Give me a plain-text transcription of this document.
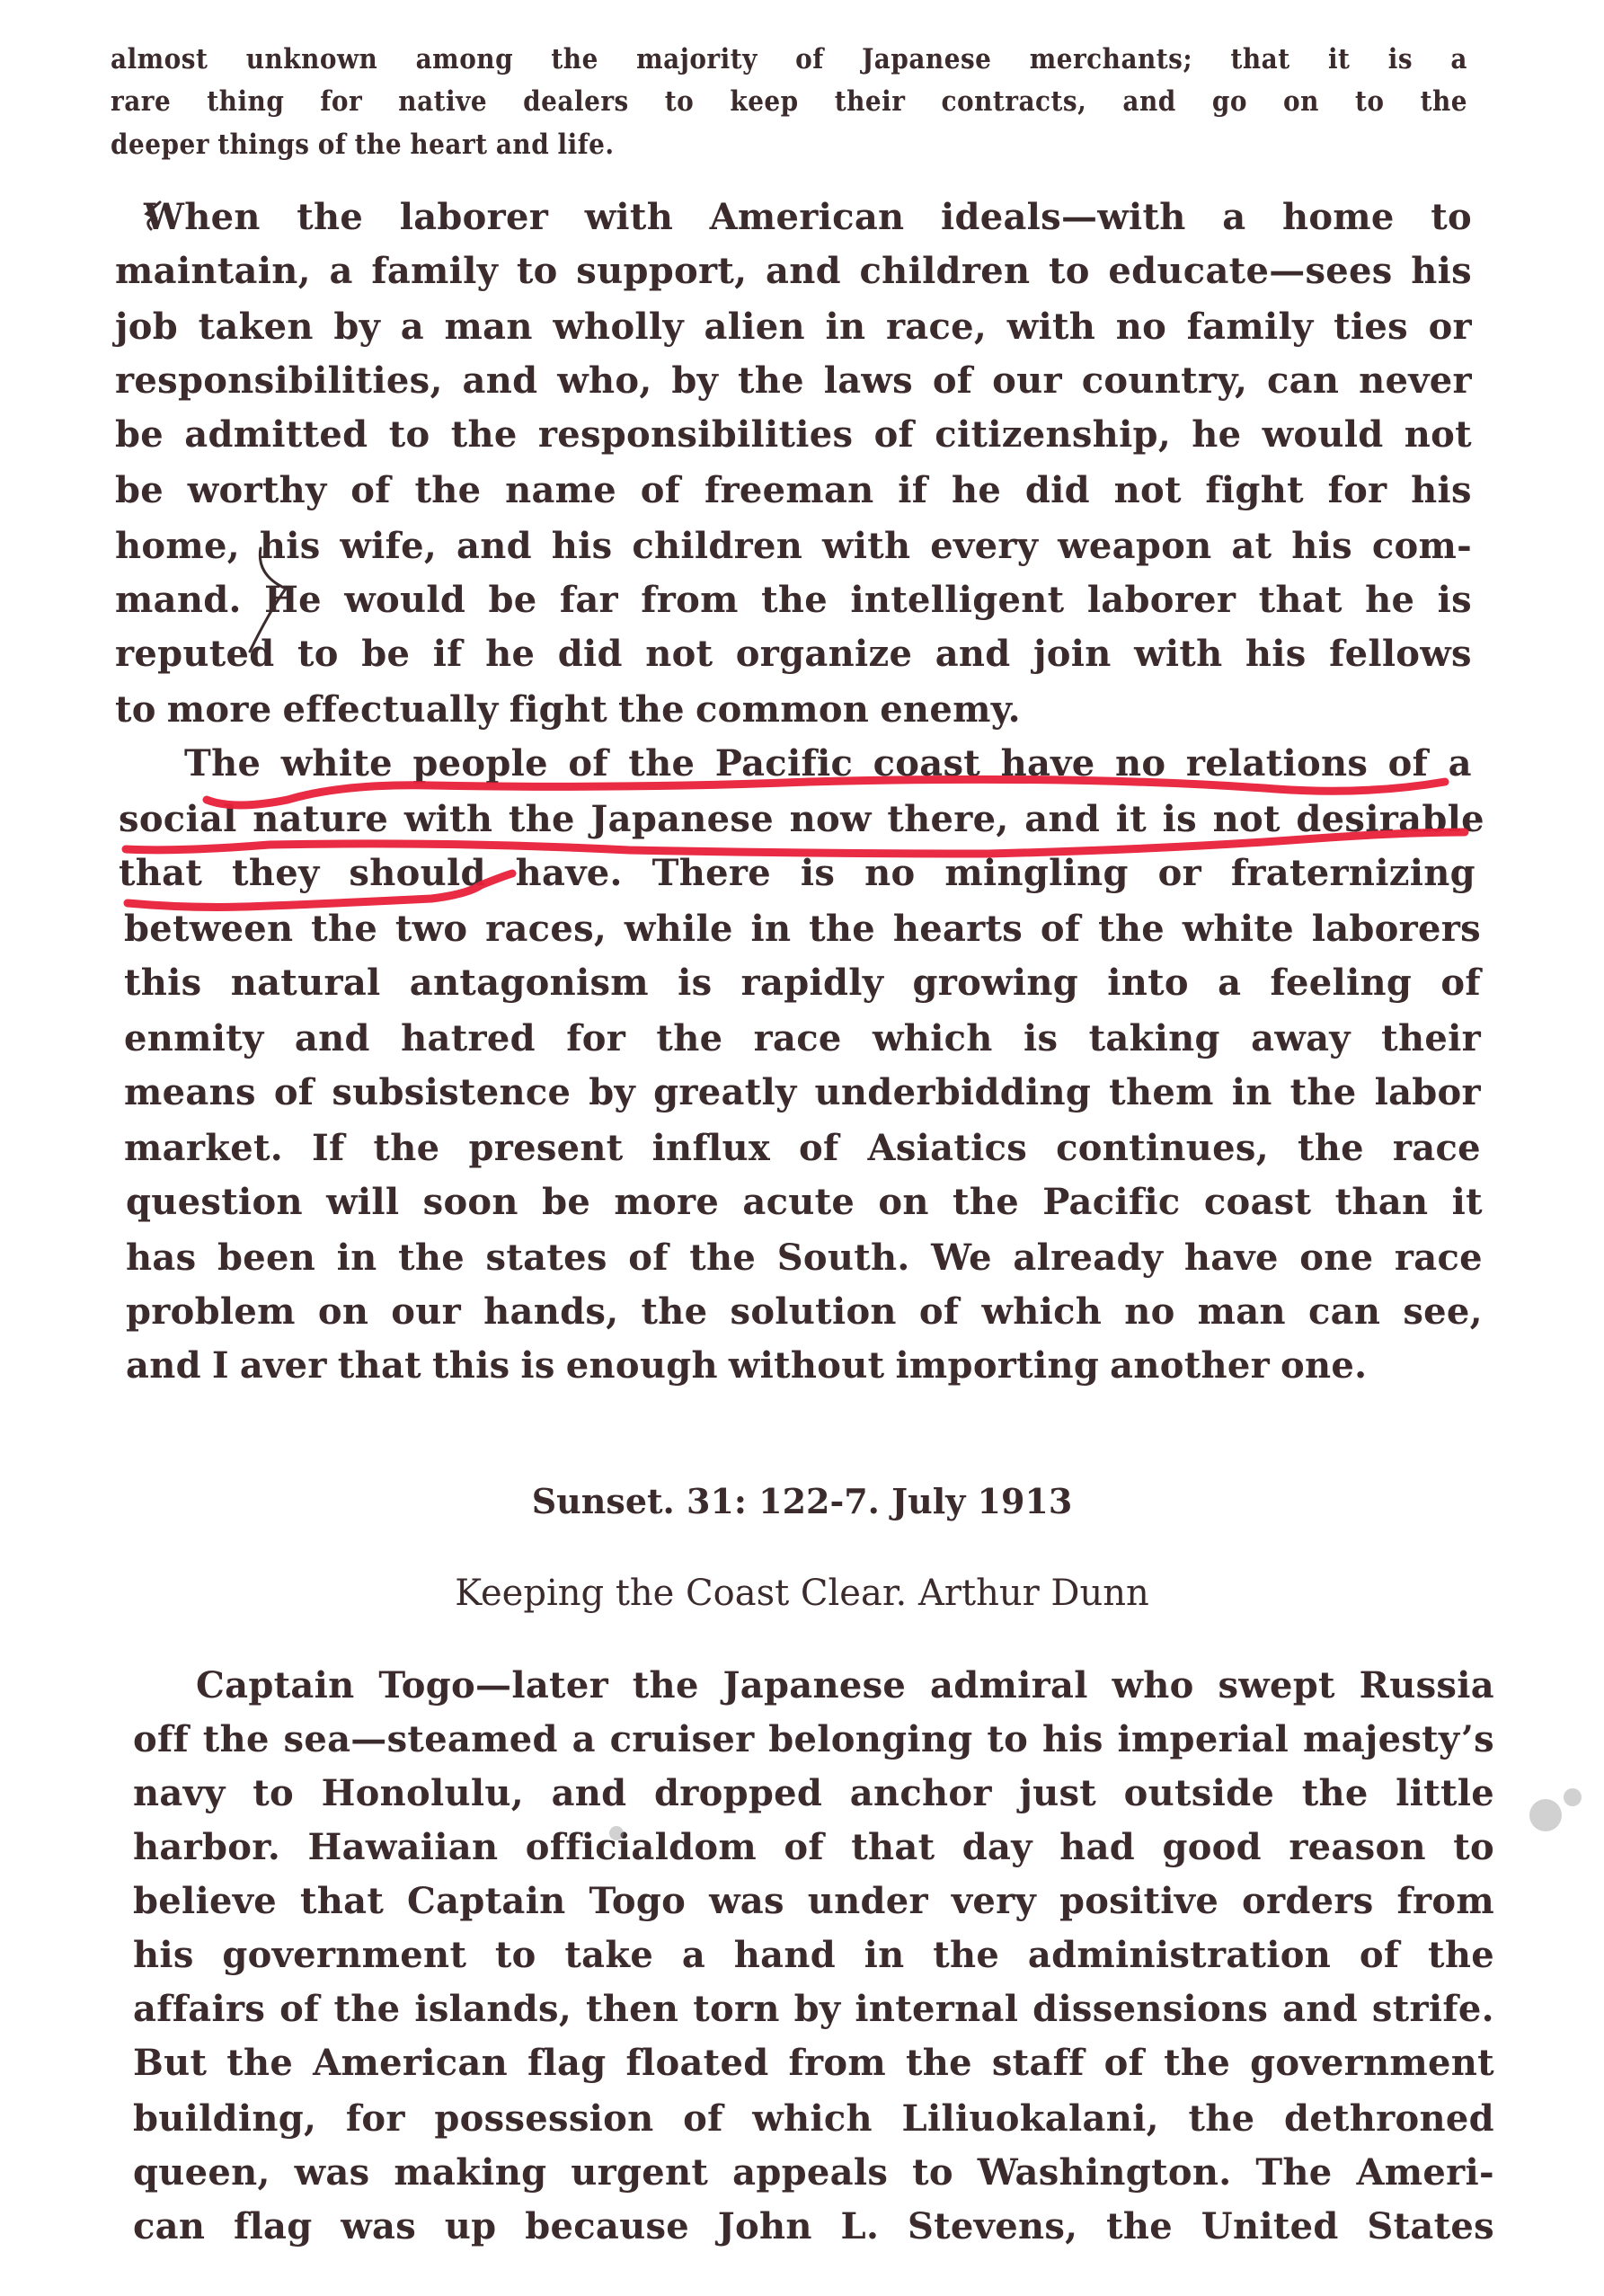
almost unknown among the majority of Japanese merchants; that it is a
rare thing for native dealers to keep their contracts, and go on to the
deeper things of the heart and life.
When the laborer with American ideals—with a home to
maintain, a family to support, and children to educate—sees his
job taken by a man wholly alien in race, with no family ties or
responsibilities, and who, by the laws of our country, can never
be admitted to the responsibilities of citizenship, he would not
be worthy of the name of freeman if he did not fight for his
home, his wife, and his children with every weapon at his com-
mand. He would be far from the intelligent laborer that he is
reputed to be if he did not organize and join with his fellows
to more effectually fight the common enemy.
The white people of the Pacific coast have no relations of a
social nature with the Japanese now there, and it is not desirable
that they should have. There is no mingling or fraternizing
between the two races, while in the hearts of the white laborers
this natural antagonism is rapidly growing into a feeling of
enmity and hatred for the race which is taking away their
means of subsistence by greatly underbidding them in the labor
market. If the present influx of Asiatics continues, the race
question will soon be more acute on the Pacific coast than it
has been in the states of the South. We already have one race
problem on our hands, the solution of which no man can see,
and I aver that this is enough without importing another one.
Sunset. 31: 122-7. July 1913
Keeping the Coast Clear. Arthur Dunn
Captain Togo—later the Japanese admiral who swept Russia
off the sea—steamed a cruiser belonging to his imperial majesty’s
navy to Honolulu, and dropped anchor just outside the little
harbor. Hawaiian officialdom of that day had good reason to
believe that Captain Togo was under very positive orders from
his government to take a hand in the administration of the
affairs of the islands, then torn by internal dissensions and strife.
But the American flag floated from the staff of the government
building, for possession of which Liliuokalani, the dethroned
queen, was making urgent appeals to Washington. The Ameri-
can flag was up because John L. Stevens, the United States
